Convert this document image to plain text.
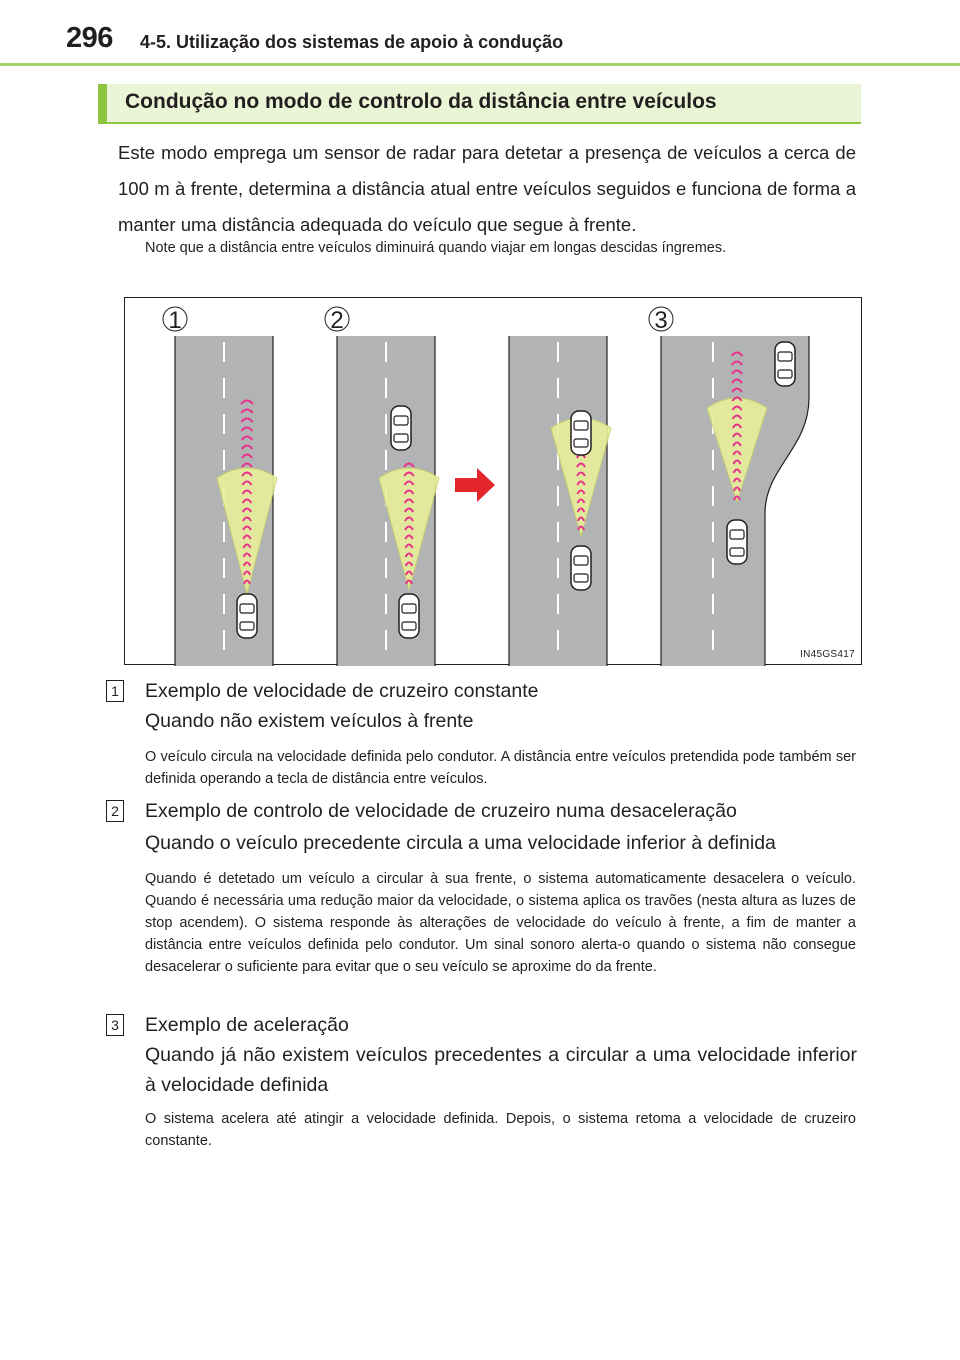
296 4-5. Utilização dos sistemas de apoio à condução
Condução no modo de controlo da distância entre veículos
Este modo emprega um sensor de radar para detetar a presença de veículos a cerca de 100 m à frente, determina a distância atual entre veículos seguidos e funciona de forma a manter uma distância adequada do veículo que segue à frente.
Note que a distância entre veículos diminuirá quando viajar em longas descidas íngremes.
1	2	3
IN45GS417
1 Exemplo de velocidade de cruzeiro constante
Quando não existem veículos à frente
O veículo circula na velocidade definida pelo condutor. A distância entre veículos pretendida pode também ser definida operando a tecla de distância entre veículos.
2 Exemplo de controlo de velocidade de cruzeiro numa desaceleração
Quando o veículo precedente circula a uma velocidade inferior à definida
Quando é detetado um veículo a circular à sua frente, o sistema automaticamente desacelera o veículo. Quando é necessária uma redução maior da velocidade, o sistema aplica os travões (nesta altura as luzes de stop acendem). O sistema responde às alterações de velocidade do veículo à frente, a fim de manter a distância entre veículos definida pelo condutor. Um sinal sonoro alerta-o quando o sistema não consegue desacelerar o suficiente para evitar que o seu veículo se aproxime do da frente.
3 Exemplo de aceleração
Quando já não existem veículos precedentes a circular a uma velocidade inferior à velocidade definida
O sistema acelera até atingir a velocidade definida. Depois, o sistema retoma a velocidade de cruzeiro constante.
